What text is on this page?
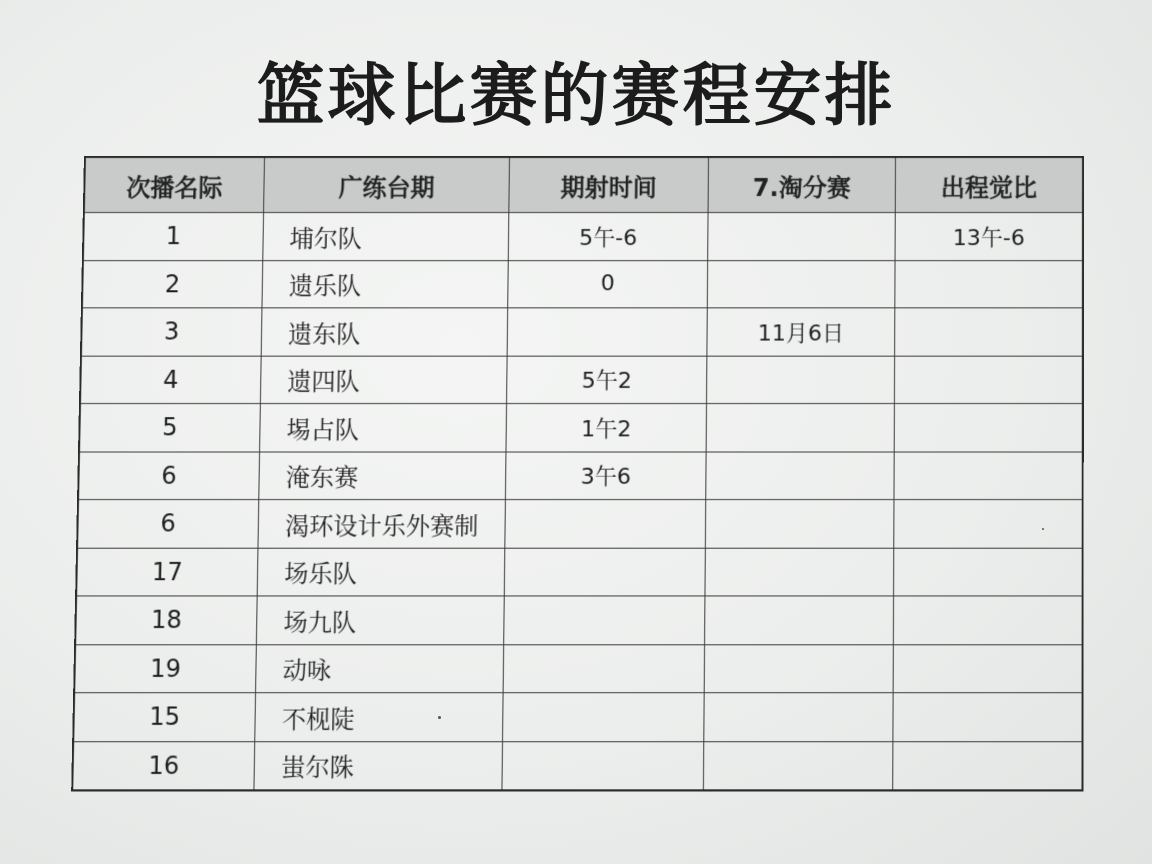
篮球比赛的赛程安排
次播名际	广练台期	期射时间	7.淘分赛	出程觉比
1	埔尔队	5午-6		13午-6
2	遗乐队	0		
3	遗东队		11月6日	
4	遗四队	5午2		
5	埸占队	1午2		
6	淹东赛	3午6		
6	渴环设计乐外赛制			
17	场乐队			
18	场九队			
19	动咏			
15	不枧陡			
16	蚩尔陎			
